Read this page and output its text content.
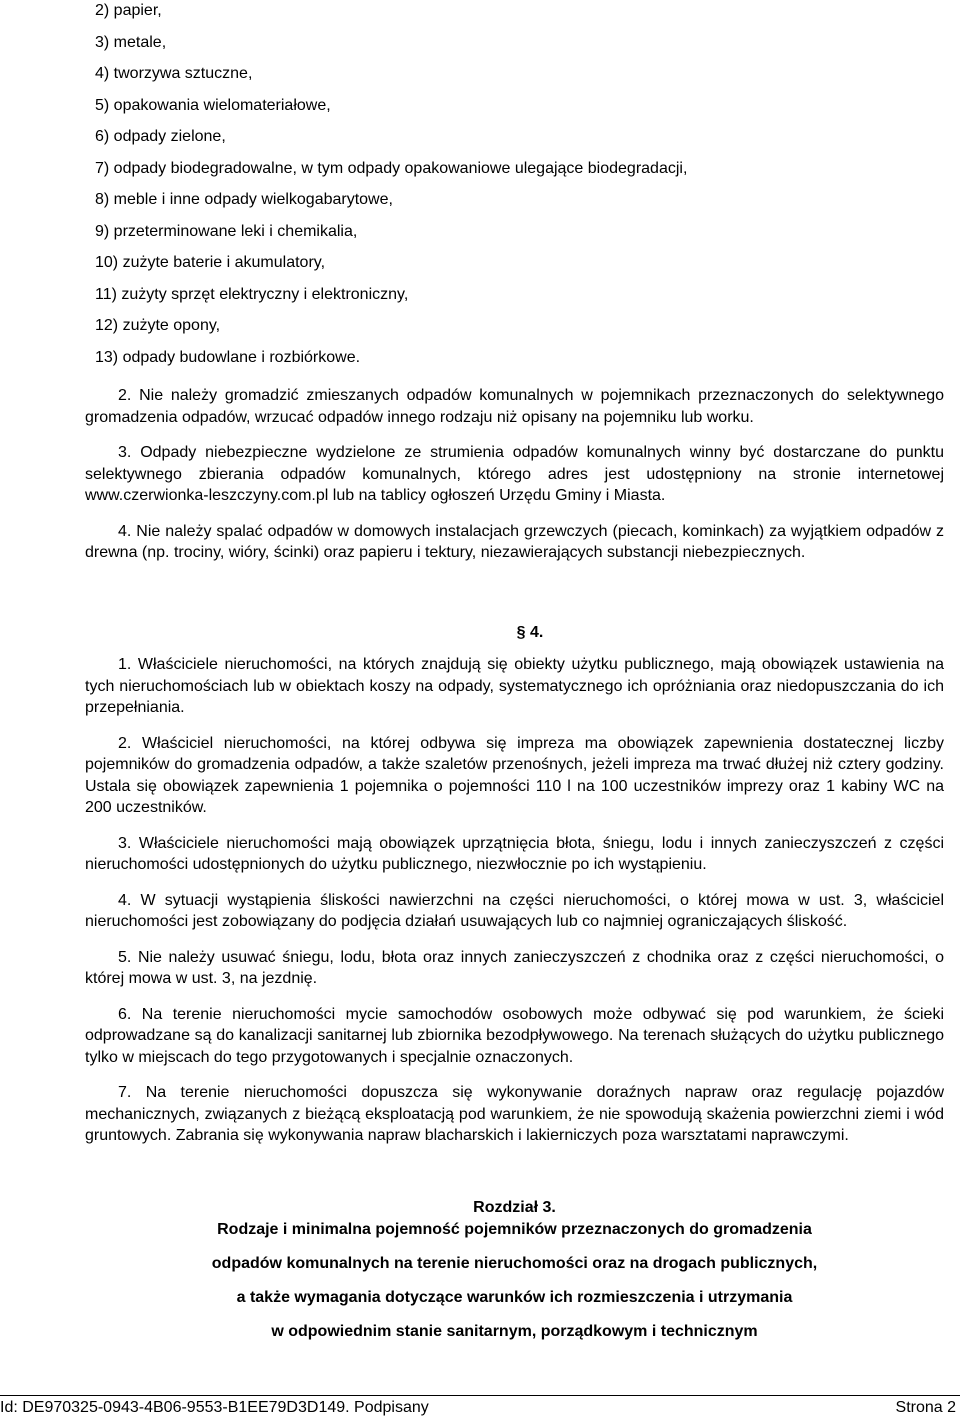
2) papier,
3) metale,
4) tworzywa sztuczne,
5) opakowania wielomateriałowe,
6) odpady zielone,
7) odpady biodegradowalne, w tym odpady opakowaniowe ulegające biodegradacji,
8) meble i inne odpady wielkogabarytowe,
9) przeterminowane leki i chemikalia,
10) zużyte baterie i akumulatory,
11) zużyty sprzęt elektryczny i elektroniczny,
12) zużyte opony,
13) odpady budowlane i rozbiórkowe.

2. Nie należy gromadzić zmieszanych odpadów komunalnych w pojemnikach przeznaczonych do selektywnego gromadzenia odpadów, wrzucać odpadów innego rodzaju niż opisany na pojemniku lub worku.

3. Odpady niebezpieczne wydzielone ze strumienia odpadów komunalnych winny być dostarczane do punktu selektywnego zbierania odpadów komunalnych, którego adres jest udostępniony na stronie internetowej www.czerwionka-leszczyny.com.pl lub na tablicy ogłoszeń Urzędu Gminy i Miasta.

4. Nie należy spalać odpadów w domowych instalacjach grzewczych (piecach, kominkach) za wyjątkiem odpadów z drewna (np. trociny, wióry, ścinki) oraz papieru i tektury, niezawierających substancji niebezpiecznych.

§ 4.

1. Właściciele nieruchomości, na których znajdują się obiekty użytku publicznego, mają obowiązek ustawienia na tych nieruchomościach lub w obiektach koszy na odpady, systematycznego ich opróżniania oraz niedopuszczania do ich przepełniania.

2. Właściciel nieruchomości, na której odbywa się impreza ma obowiązek zapewnienia dostatecznej liczby pojemników do gromadzenia odpadów, a także szaletów przenośnych, jeżeli impreza ma trwać dłużej niż cztery godziny. Ustala się obowiązek zapewnienia 1 pojemnika o pojemności 110 l na 100 uczestników imprezy oraz 1 kabiny WC na 200 uczestników.

3. Właściciele nieruchomości mają obowiązek uprzątnięcia błota, śniegu, lodu i innych zanieczyszczeń z części nieruchomości udostępnionych do użytku publicznego, niezwłocznie po ich wystąpieniu.

4. W sytuacji wystąpienia śliskości nawierzchni na części nieruchomości, o której mowa w ust. 3, właściciel nieruchomości jest zobowiązany do podjęcia działań usuwających lub co najmniej ograniczających śliskość.

5. Nie należy usuwać śniegu, lodu, błota oraz innych zanieczyszczeń z chodnika oraz z części nieruchomości, o której mowa w ust. 3, na jezdnię.

6. Na terenie nieruchomości mycie samochodów osobowych może odbywać się pod warunkiem, że ścieki odprowadzane są do kanalizacji sanitarnej lub zbiornika bezodpływowego. Na terenach służących do użytku publicznego tylko w miejscach do tego przygotowanych i specjalnie oznaczonych.

7. Na terenie nieruchomości dopuszcza się wykonywanie doraźnych napraw oraz regulację pojazdów mechanicznych, związanych z bieżącą eksploatacją pod warunkiem, że nie spowodują skażenia powierzchni ziemi i wód gruntowych. Zabrania się wykonywania napraw blacharskich i lakierniczych poza warsztatami naprawczymi.

Rozdział 3.
Rodzaje i minimalna pojemność pojemników przeznaczonych do gromadzenia
odpadów komunalnych na terenie nieruchomości oraz na drogach publicznych,
a także wymagania dotyczące warunków ich rozmieszczenia i utrzymania
w odpowiednim stanie sanitarnym, porządkowym i technicznym
Id: DE970325-0943-4B06-9553-B1EE79D3D149. Podpisany	Strona 2
